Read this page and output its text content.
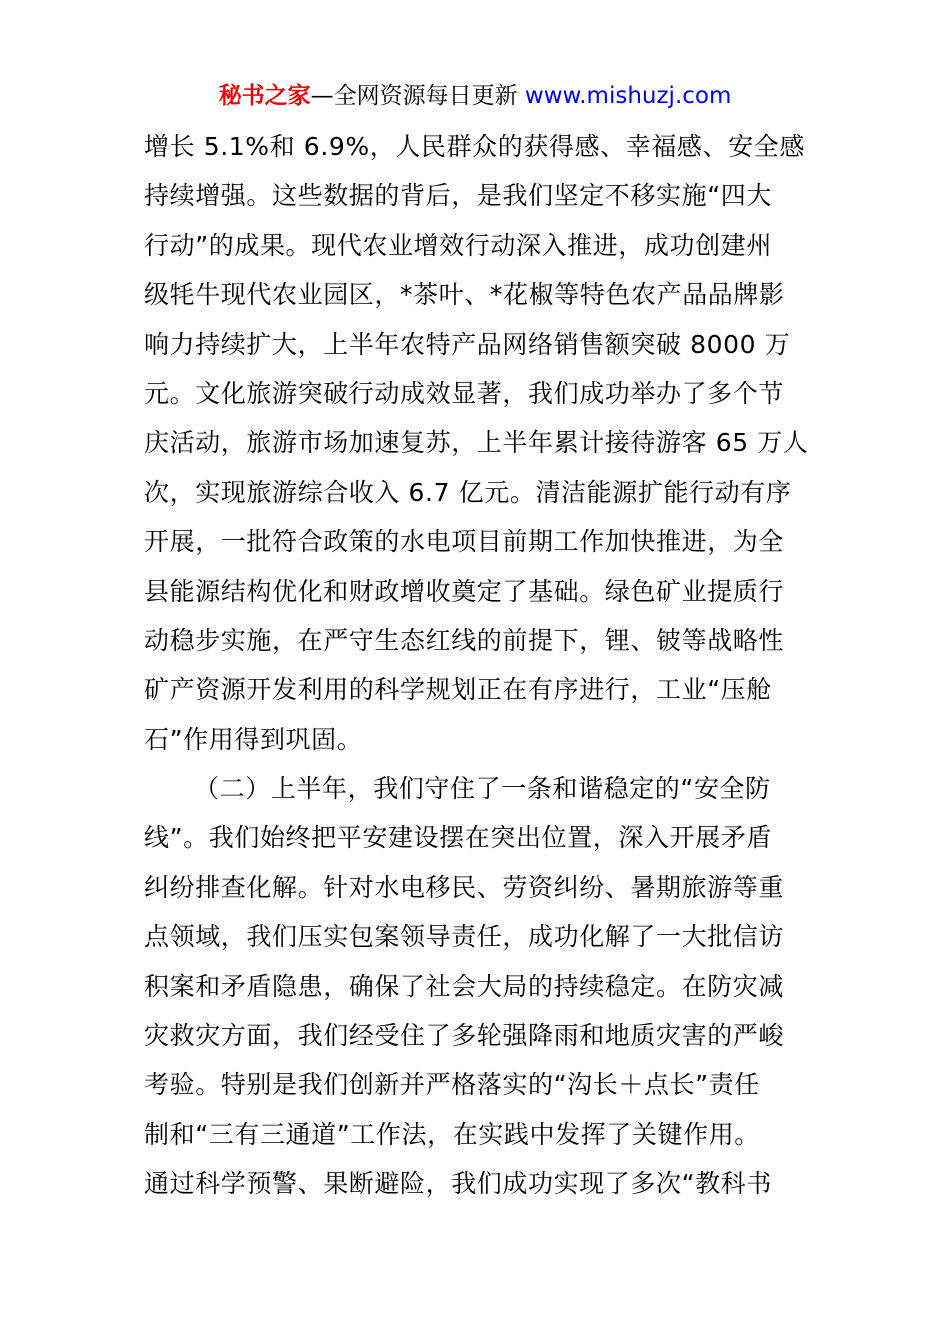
秘书之家—全网资源每日更新 www.mishuzj.com
增长 5.1%和 6.9%，人民群众的获得感、幸福感、安全感
持续增强。这些数据的背后，是我们坚定不移实施“四大
行动”的成果。现代农业增效行动深入推进，成功创建州
级牦牛现代农业园区，*茶叶、*花椒等特色农产品品牌影
响力持续扩大，上半年农特产品网络销售额突破 8000 万
元。文化旅游突破行动成效显著，我们成功举办了多个节
庆活动，旅游市场加速复苏，上半年累计接待游客 65 万人
次，实现旅游综合收入 6.7 亿元。清洁能源扩能行动有序
开展，一批符合政策的水电项目前期工作加快推进，为全
县能源结构优化和财政增收奠定了基础。绿色矿业提质行
动稳步实施，在严守生态红线的前提下，锂、铍等战略性
矿产资源开发利用的科学规划正在有序进行，工业“压舱
石”作用得到巩固。
（二）上半年，我们守住了一条和谐稳定的“安全防
线”。我们始终把平安建设摆在突出位置，深入开展矛盾
纠纷排查化解。针对水电移民、劳资纠纷、暑期旅游等重
点领域，我们压实包案领导责任，成功化解了一大批信访
积案和矛盾隐患，确保了社会大局的持续稳定。在防灾减
灾救灾方面，我们经受住了多轮强降雨和地质灾害的严峻
考验。特别是我们创新并严格落实的“沟长＋点长”责任
制和“三有三通道”工作法，在实践中发挥了关键作用。
通过科学预警、果断避险，我们成功实现了多次“教科书
